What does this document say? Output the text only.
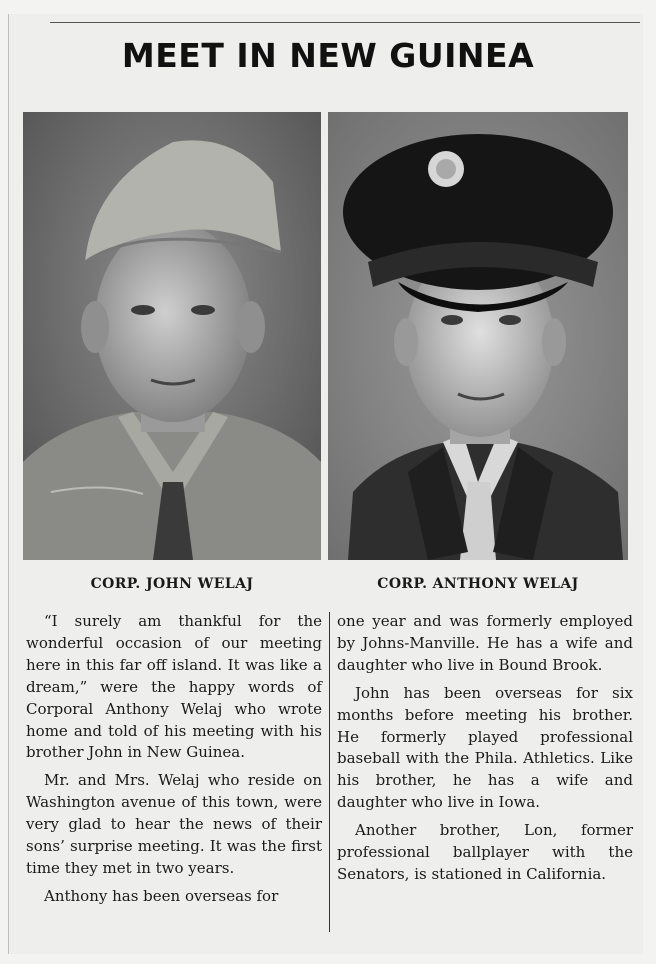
MEET IN NEW GUINEA
CORP. JOHN WELAJ	CORP. ANTHONY WELAJ

“I surely am thankful for the wonderful occasion of our meeting here in this far off island. It was like a dream,” were the happy words of Corporal Anthony Welaj who wrote home and told of his meeting with his brother John in New Guinea.

Mr. and Mrs. Welaj who reside on Washington avenue of this town, were very glad to hear the news of their sons’ surprise meeting. It was the first time they met in two years.

Anthony has been overseas for

one year and was formerly employed by Johns-Manville. He has a wife and daughter who live in Bound Brook.

John has been overseas for six months before meeting his brother. He formerly played professional baseball with the Phila. Athletics. Like his brother, he has a wife and daughter who live in Iowa.

Another brother, Lon, former professional ballplayer with the Senators, is stationed in California.
